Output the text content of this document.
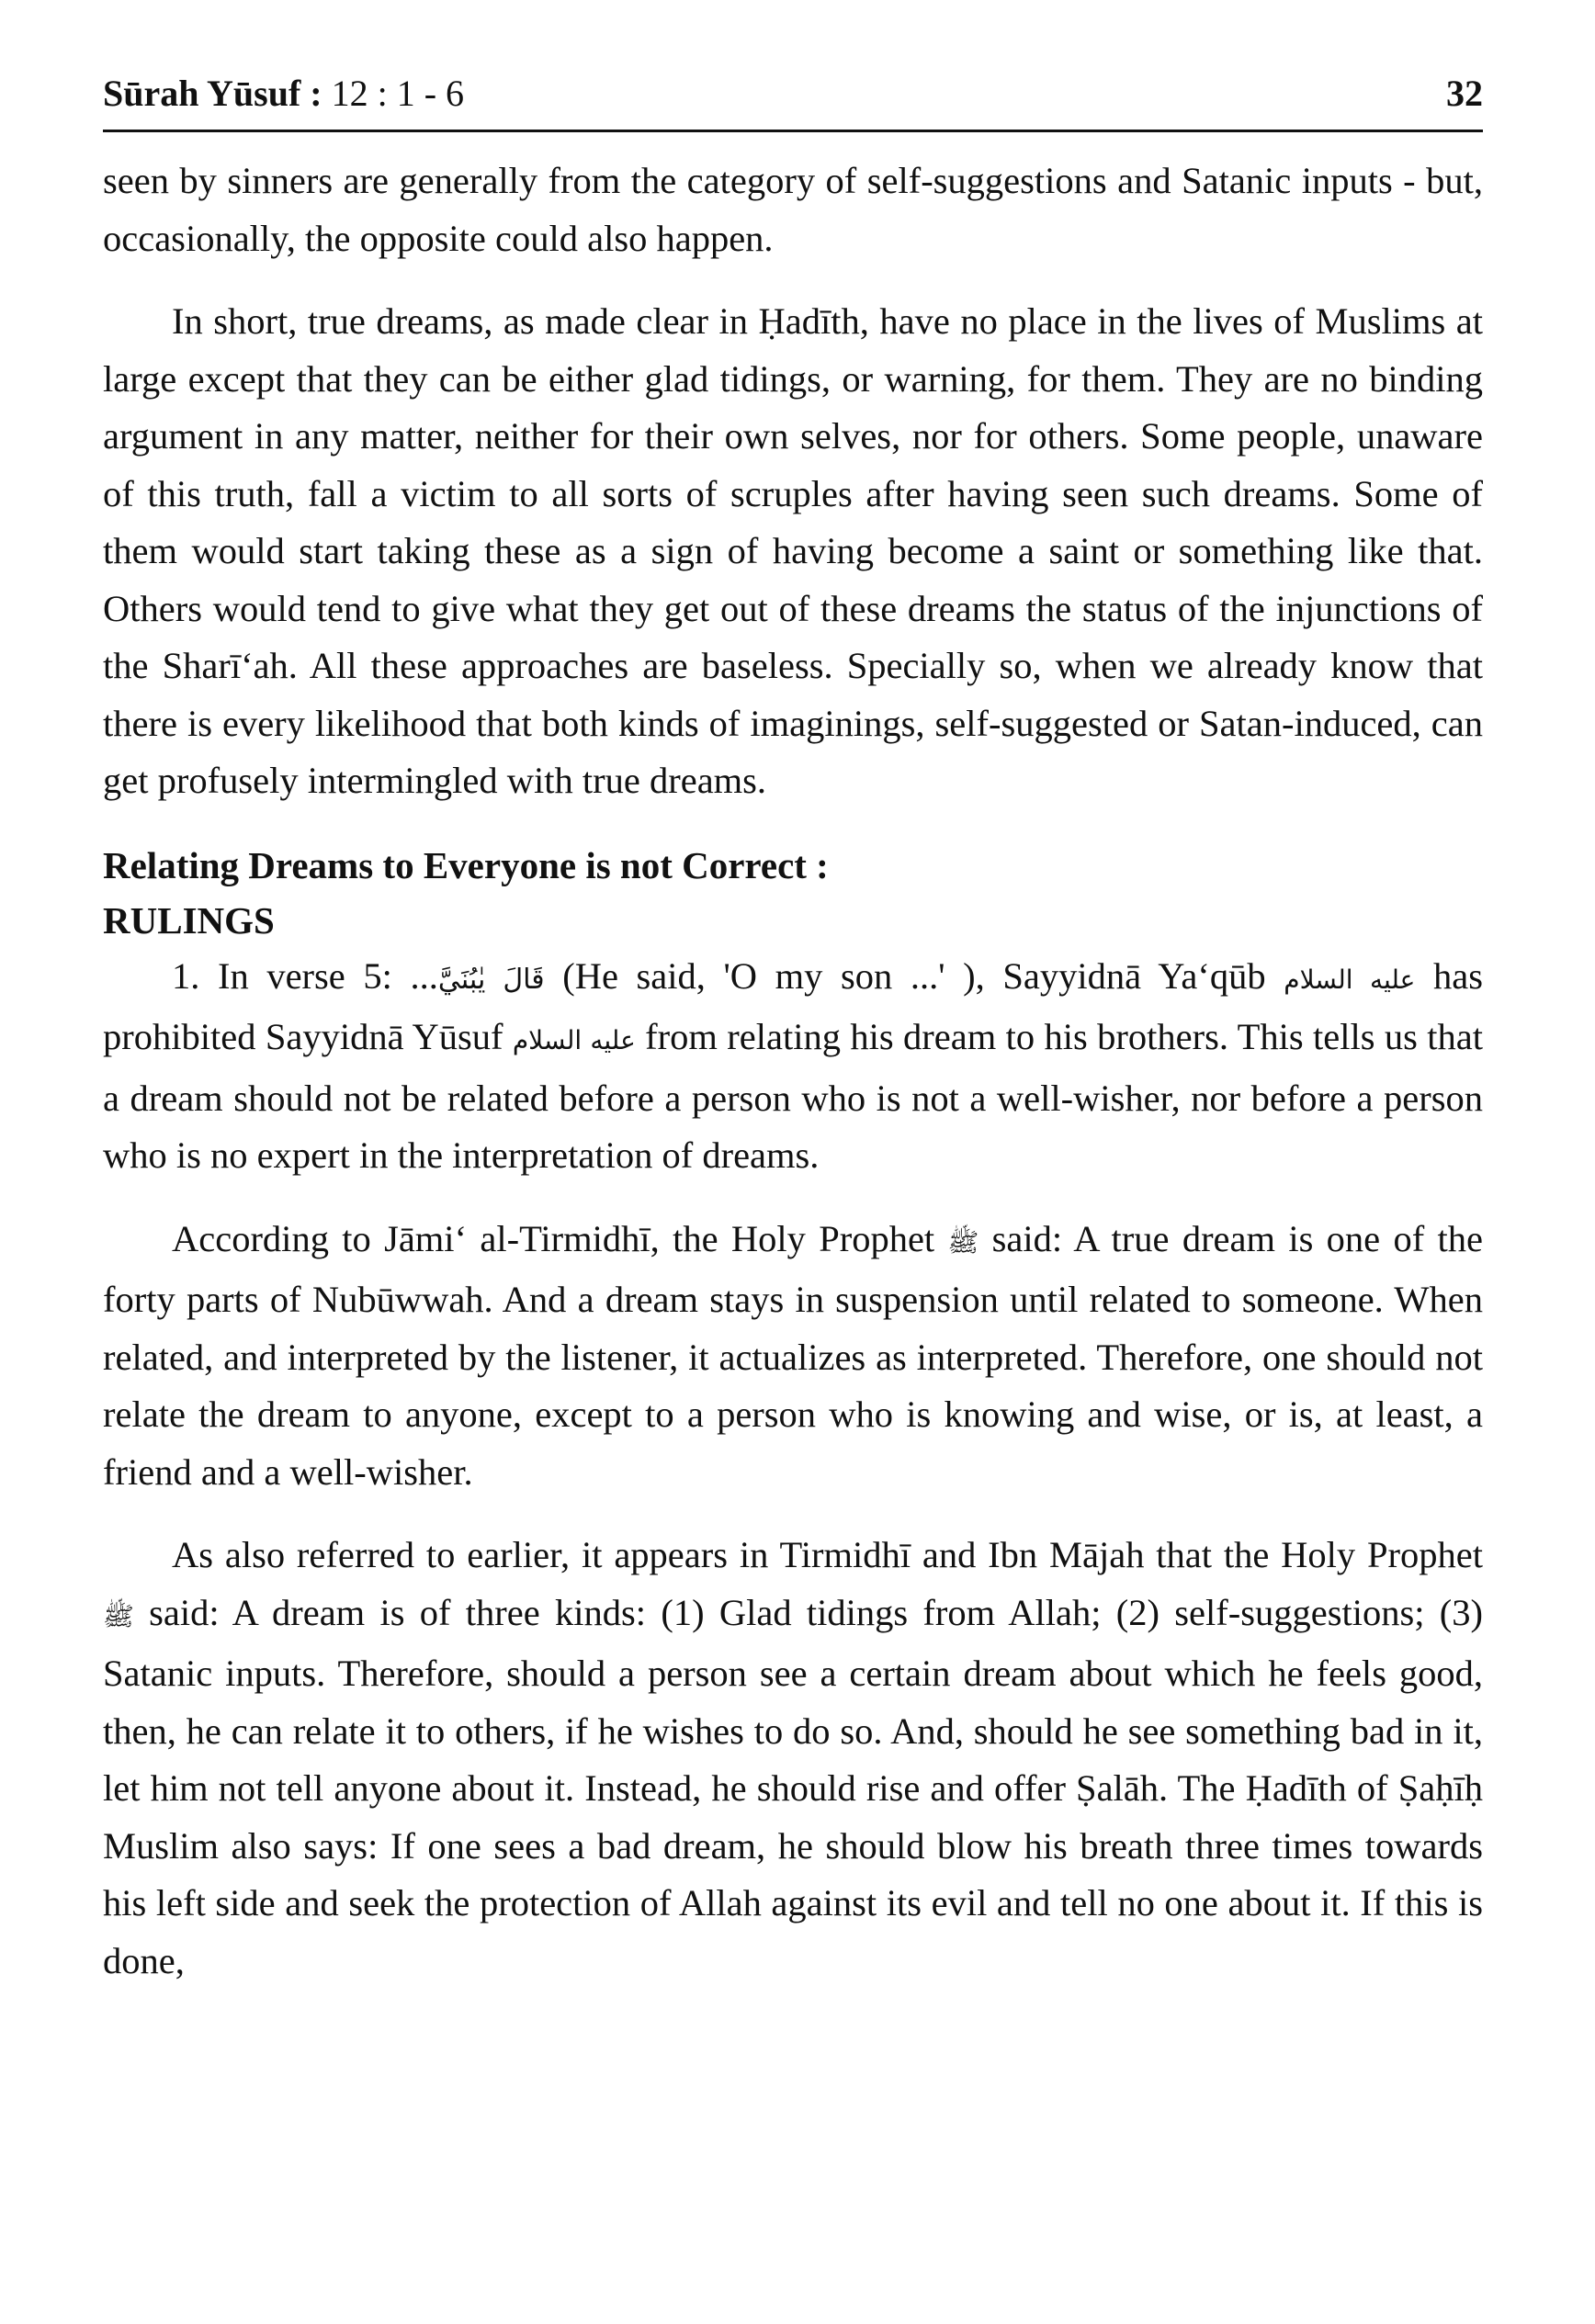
Sūrah Yūsuf : 12 : 1 - 6	32

seen by sinners are generally from the category of self-suggestions and Satanic inputs - but, occasionally, the opposite could also happen.

In short, true dreams, as made clear in Ḥadīth, have no place in the lives of Muslims at large except that they can be either glad tidings, or warning, for them. They are no binding argument in any matter, neither for their own selves, nor for others. Some people, unaware of this truth, fall a victim to all sorts of scruples after having seen such dreams. Some of them would start taking these as a sign of having become a saint or something like that. Others would tend to give what they get out of these dreams the status of the injunctions of the Sharī‘ah. All these approaches are baseless. Specially so, when we already know that there is every likelihood that both kinds of imaginings, self-suggested or Satan-induced, can get profusely intermingled with true dreams.

Relating Dreams to Everyone is not Correct :

RULINGS

1. In verse 5: ...قَالَ يٰبُنَيَّ (He said, 'O my son ...' ), Sayyidnā Ya‘qūb عليه السلام has prohibited Sayyidnā Yūsuf عليه السلام from relating his dream to his brothers. This tells us that a dream should not be related before a person who is not a well-wisher, nor before a person who is no expert in the interpretation of dreams.

According to Jāmi‘ al-Tirmidhī, the Holy Prophet ﷺ said: A true dream is one of the forty parts of Nubūwwah. And a dream stays in suspension until related to someone. When related, and interpreted by the listener, it actualizes as interpreted. Therefore, one should not relate the dream to anyone, except to a person who is knowing and wise, or is, at least, a friend and a well-wisher.

As also referred to earlier, it appears in Tirmidhī and Ibn Mājah that the Holy Prophet ﷺ said: A dream is of three kinds: (1) Glad tidings from Allah; (2) self-suggestions; (3) Satanic inputs. Therefore, should a person see a certain dream about which he feels good, then, he can relate it to others, if he wishes to do so. And, should he see something bad in it, let him not tell anyone about it. Instead, he should rise and offer Ṣalāh. The Ḥadīth of Ṣaḥīḥ Muslim also says: If one sees a bad dream, he should blow his breath three times towards his left side and seek the protection of Allah against its evil and tell no one about it. If this is done,
